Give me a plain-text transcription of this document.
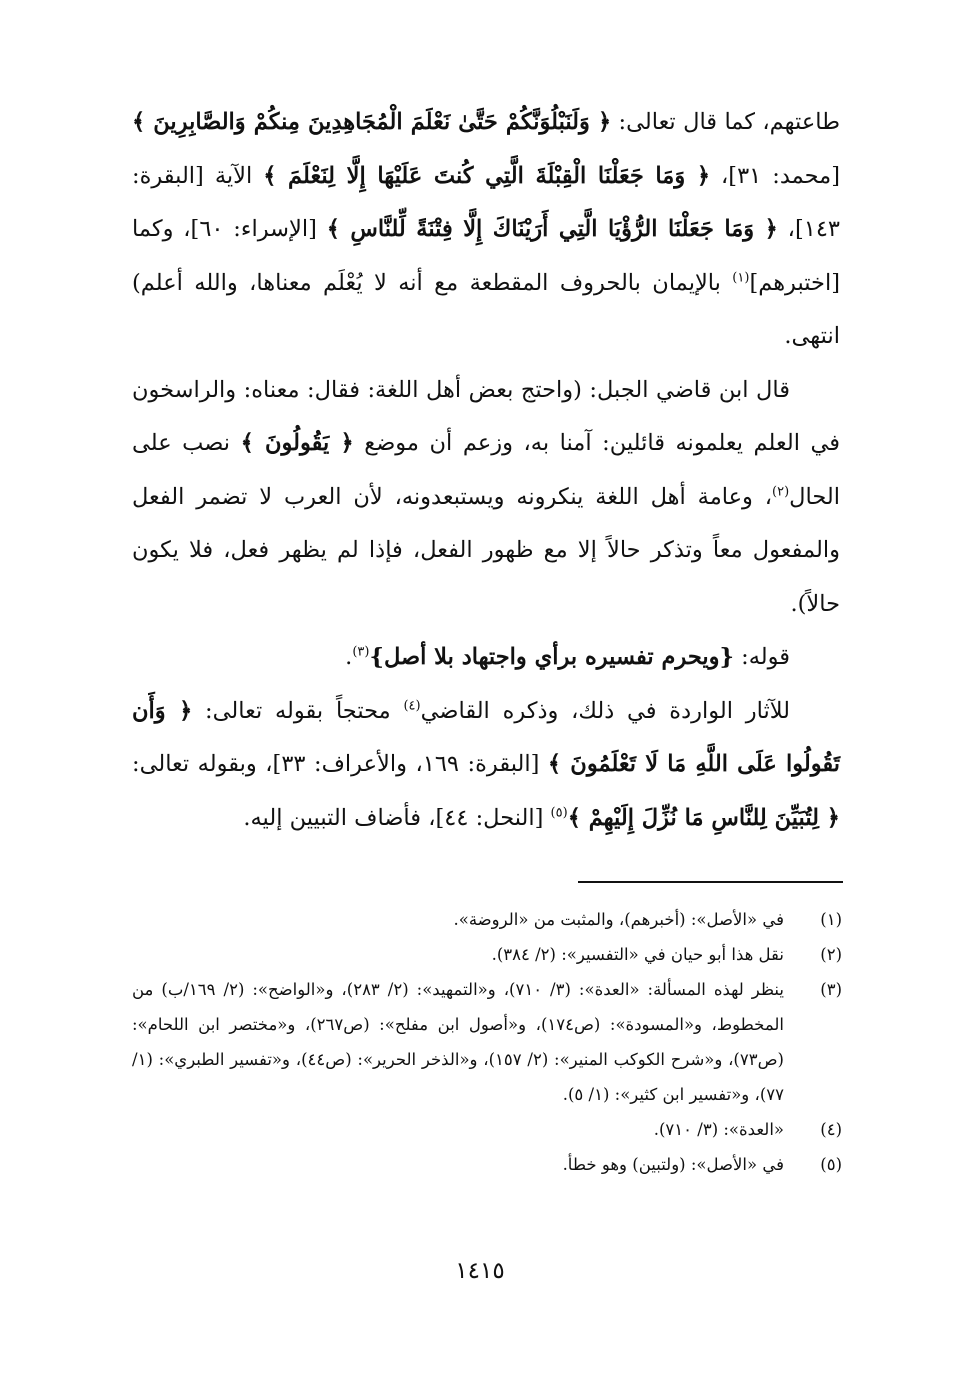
طاعتهم، كما قال تعالى: ﴿ وَلَنَبْلُوَنَّكُمْ حَتَّىٰ نَعْلَمَ الْمُجَاهِدِينَ مِنكُمْ وَالصَّابِرِينَ ﴾ [محمد: ٣١]، ﴿ وَمَا جَعَلْنَا الْقِبْلَةَ الَّتِي كُنتَ عَلَيْهَا إِلَّا لِنَعْلَمَ ﴾ الآية [البقرة: ١٤٣]، ﴿ وَمَا جَعَلْنَا الرُّؤْيَا الَّتِي أَرَيْنَاكَ إِلَّا فِتْنَةً لِّلنَّاسِ ﴾ [الإسراء: ٦٠]، وكما [اختبرهم]$^{(١)}$ بالإيمان بالحروف المقطعة مع أنه لا يُعْلَم معناها، والله أعلم) انتهى.

قال ابن قاضي الجبل: (واحتج بعض أهل اللغة: فقال: معناه: والراسخون في العلم يعلمونه قائلين: آمنا به، وزعم أن موضع ﴿ يَقُولُونَ ﴾ نصب على الحال$^{(٢)}$، وعامة أهل اللغة ينكرونه ويستبعدونه، لأن العرب لا تضمر الفعل والمفعول معاً وتذكر حالاً إلا مع ظهور الفعل، فإذا لم يظهر فعل، فلا يكون حالاً).

قوله: {ويحرم تفسيره برأي واجتهاد بلا أصل}$^{(٣)}$.

للآثار الواردة في ذلك، وذكره القاضي$^{(٤)}$ محتجاً بقوله تعالى: ﴿ وَأَن تَقُولُوا عَلَى اللَّهِ مَا لَا تَعْلَمُونَ ﴾ [البقرة: ١٦٩، والأعراف: ٣٣]، وبقوله تعالى: ﴿ لِتُبَيِّنَ لِلنَّاسِ مَا نُزِّلَ إِلَيْهِمْ ﴾$^{(٥)}$ [النحل: ٤٤]، فأضاف التبيين إليه.

(١)
في «الأصل»: (أخبرهم)، والمثبت من «الروضة».
(٢)
نقل هذا أبو حيان في «التفسير»: (٢/ ٣٨٤).
(٣)
ينظر لهذه المسألة: «العدة»: (٣/ ٧١٠)، و«التمهيد»: (٢/ ٢٨٣)، و«الواضح»: (٢/ ١٦٩/ب) من المخطوط، و«المسودة»: (ص١٧٤)، و«أصول ابن مفلح»: (ص٢٦٧)، و«مختصر ابن اللحام»: (ص٧٣)، و«شرح الكوكب المنير»: (٢/ ١٥٧)، و«الذخر الحرير»: (ص٤٤)، و«تفسير الطبري»: (١/ ٧٧)، و«تفسير ابن كثير»: (١/ ٥).
(٤)
«العدة»: (٣/ ٧١٠).
(٥)
في «الأصل»: (ولتبين) وهو خطأ.
١٤١٥
